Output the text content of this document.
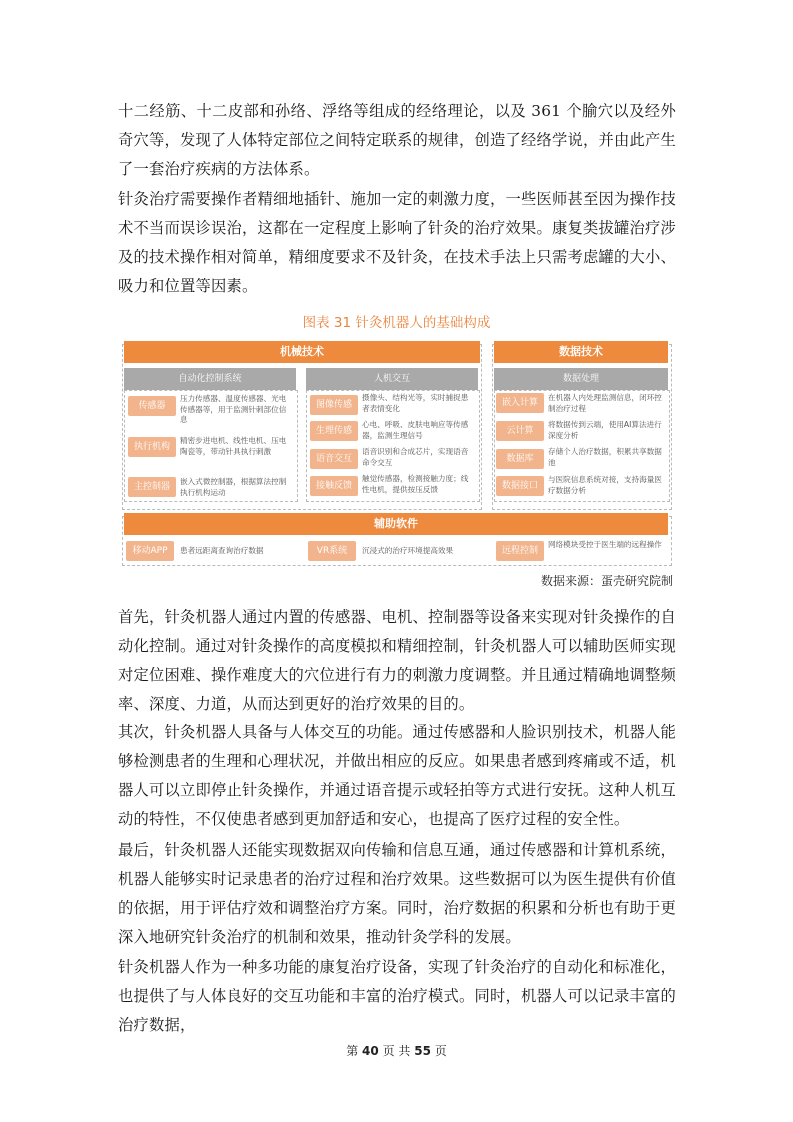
十二经筋、十二皮部和孙络、浮络等组成的经络理论，以及 361 个腧穴以及经外奇穴等，发现了人体特定部位之间特定联系的规律，创造了经络学说，并由此产生了一套治疗疾病的方法体系。

针灸治疗需要操作者精细地插针、施加一定的刺激力度，一些医师甚至因为操作技术不当而误诊误治，这都在一定程度上影响了针灸的治疗效果。康复类拔罐治疗涉及的技术操作相对简单，精细度要求不及针灸，在技术手法上只需考虑罐的大小、吸力和位置等因素。

图表 31 针灸机器人的基础构成
机械技术
自动化控制系统
传感器
压力传感器、温度传感器、光电传感器等，用于监测针刺部位信息
执行机构
精密步进电机、线性电机、压电陶瓷等，带动针具执行刺激
主控制器
嵌入式微控制器，根据算法控制执行机构运动
人机交互
图像传感
摄像头、结构光等，实时捕捉患者表情变化
生理传感
心电、呼吸、皮肤电响应等传感器，监测生理信号
语音交互
语音识别和合成芯片，实现语音命令交互
接触反馈
触觉传感器，检测接触力度；线性电机，提供按压反馈
数据技术
数据处理
嵌入计算
在机器人内处理监测信息，闭环控制治疗过程
云计算
将数据传到云端，使用AI算法进行深度分析
数据库
存储个人治疗数据，积累共享数据池
数据接口
与医院信息系统对接，支持海量医疗数据分析
辅助软件
移动APP	患者远距离查询治疗数据	VR系统	沉浸式的治疗环境提高效果	远程控制
网络模块受控于医生端的远程操作
数据来源：蛋壳研究院制

首先，针灸机器人通过内置的传感器、电机、控制器等设备来实现对针灸操作的自动化控制。通过对针灸操作的高度模拟和精细控制，针灸机器人可以辅助医师实现对定位困难、操作难度大的穴位进行有力的刺激力度调整。并且通过精确地调整频率、深度、力道，从而达到更好的治疗效果的目的。

其次，针灸机器人具备与人体交互的功能。通过传感器和人脸识别技术，机器人能够检测患者的生理和心理状况，并做出相应的反应。如果患者感到疼痛或不适，机器人可以立即停止针灸操作，并通过语音提示或轻拍等方式进行安抚。这种人机互动的特性，不仅使患者感到更加舒适和安心，也提高了医疗过程的安全性。

最后，针灸机器人还能实现数据双向传输和信息互通，通过传感器和计算机系统，机器人能够实时记录患者的治疗过程和治疗效果。这些数据可以为医生提供有价值的依据，用于评估疗效和调整治疗方案。同时，治疗数据的积累和分析也有助于更深入地研究针灸治疗的机制和效果，推动针灸学科的发展。

针灸机器人作为一种多功能的康复治疗设备，实现了针灸治疗的自动化和标准化，也提供了与人体良好的交互功能和丰富的治疗模式。同时，机器人可以记录丰富的治疗数据，

第 40 页 共 55 页
